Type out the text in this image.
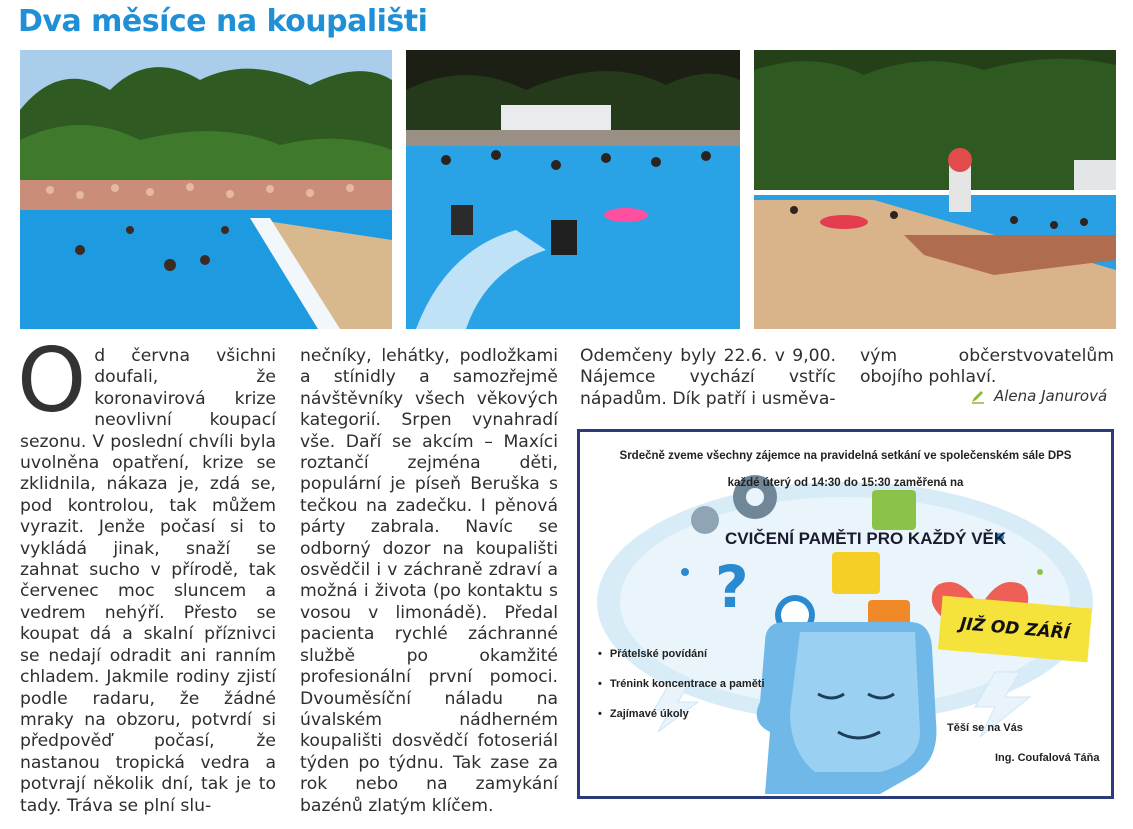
Dva měsíce na koupališti
O d června všichni doufali, že koronavirová krize neovlivní koupací sezonu. V poslední chvíli byla uvolněna opatření, krize se zklidnila, nákaza je, zdá se, pod kontrolou, tak můžem vyrazit. Jenže počasí si to vykládá jinak, snaží se zahnat sucho v přírodě, tak červenec moc sluncem a vedrem nehýří. Přesto se koupat dá a skalní příznivci se nedají odradit ani ranním chladem. Jakmile rodiny zjistí podle radaru, že žádné mraky na obzoru, potvrdí si předpověď počasí, že nastanou tropická vedra a potvrají několik dní, tak je to tady. Tráva se plní slu-
nečníky, lehátky, podložkami a stínidly a samozřejmě návštěvníky všech věkových kategorií. Srpen vynahradí vše. Daří se akcím – Maxíci roztančí zejména děti, populární je píseň Beruška s tečkou na zadečku. I pěnová párty zabrala. Navíc se odborný dozor na koupališti osvědčil i v záchraně zdraví a možná i života (po kontaktu s vosou v limonádě). Předal pacienta rychlé záchranné službě po okamžité profesionální první pomoci. Dvouměsíční náladu na úvalském nádherném koupališti dosvědčí fotoseriál týden po týdnu. Tak zase za rok nebo na zamykání bazénů zlatým klíčem.
Odemčeny byly 22.6. v 9,00. Nájemce vychází vstříc nápadům. Dík patří i usměva-
vým občerstvovatelům obojího pohlaví.
Alena Janurová
?
Srdečně zveme všechny zájemce na pravidelná setkání ve společenském sále DPS
každé úterý od 14:30 do 15:30 zaměřená na
CVIČENÍ PAMĚTI PRO KAŽDÝ VĚK
JIŽ OD ZÁŘÍ
• Přátelské povídání
• Trénink koncentrace a paměti
• Zajímavé úkoly
Těší se na Vás
Ing. Coufalová Táňa
